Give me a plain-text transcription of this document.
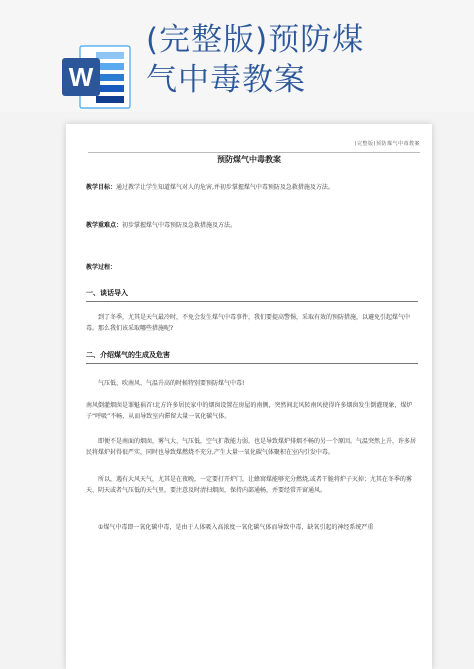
W
(完整版)预防煤
气中毒教案
(完整版)预防煤气中毒教案
预防煤气中毒教案
教学目标：通过教学让学生知道煤气对人的危害,并初步掌握煤气中毒预防及急救措施及方法。
教学重难点：初步掌握煤气中毒预防及急救措施及方法。
教学过程：
一、谈话导入
到了冬季，尤其是天气最冷时，不免会发生煤气中毒事件，我们要提高警惕，采取有效的预防措施，以避免引起煤气中毒。那么我们该采取哪些措施呢?
二、介绍煤气的生成及危害
气压低、吹南风、气温升高的时候特别要预防煤气中毒!
南风倒灌烟囱是罪魁祸首!北方许多居民家中的烟囱设置在房屋的南侧，突然间北风转南风使得许多烟囱发生倒灌现象，煤炉子“呼吸”不畅，从而导致室内滞留大量一氧化碳气体。
即便不是南面的烟囱，雾气大、气压低，空气扩散能力弱，也是导致煤炉排烟不畅的另一个原因。气温突然上升，许多居民将煤炉封得很严实，同时也导致煤燃烧不充分,产生大量一氧化碳气体聚积在室内引发中毒。
所以，遇有大风天气，尤其是在夜晚，一定要打开炉门，让蜂窝煤能够充分燃烧,或者干脆将炉子灭掉；尤其在冬季的雾天、阴天或者气压低的天气里，要注意及时清扫烟囱，保持内部通畅，并要经常开窗通风。
①煤气中毒即一氧化碳中毒，是由于人体吸入高浓度一氧化碳气体而导致中毒，缺氧引起的神经系统严重
